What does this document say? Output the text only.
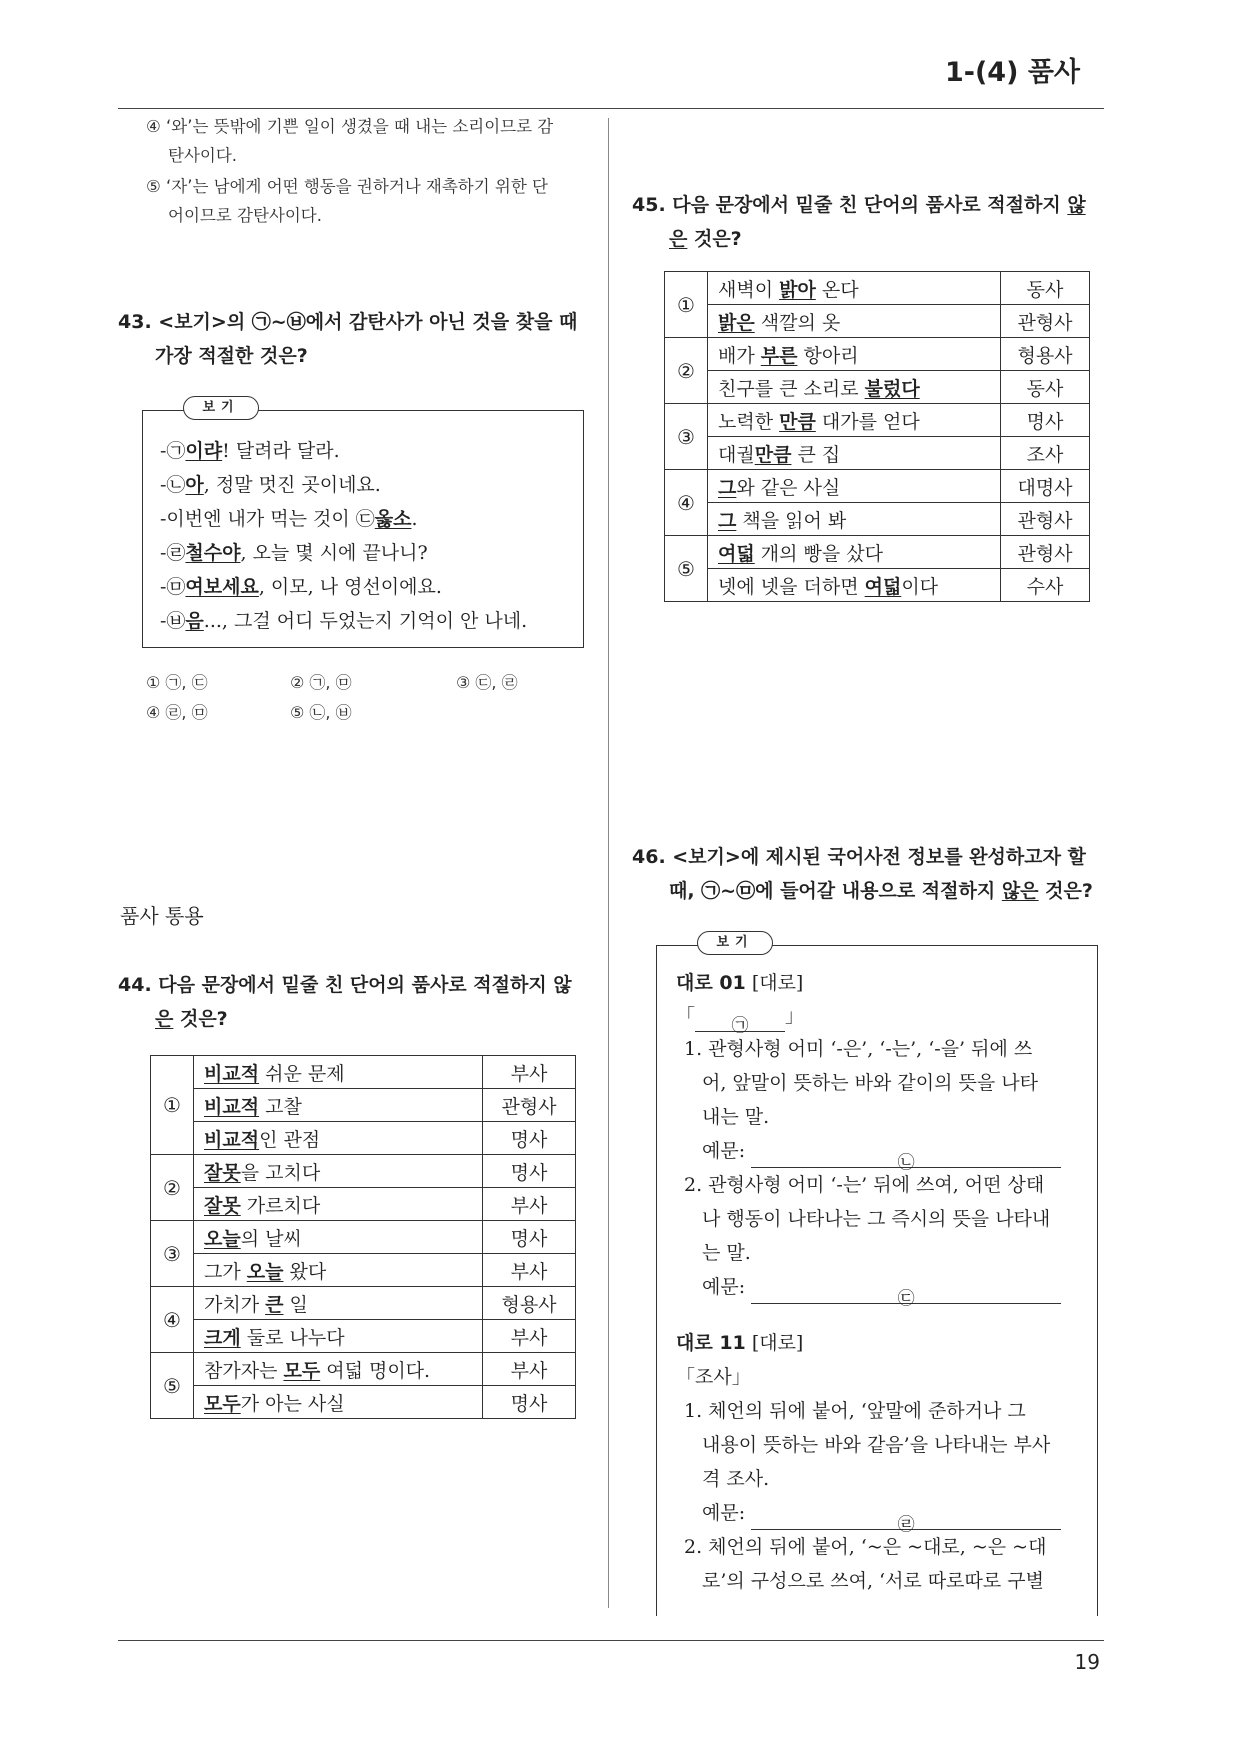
1-(4) 품사
④ ‘와’는 뜻밖에 기쁜 일이 생겼을 때 내는 소리이므로 감
탄사이다.
⑤ ‘자’는 남에게 어떤 행동을 권하거나 재촉하기 위한 단
어이므로 감탄사이다.
43. <보기>의 ㉠~㉥에서 감탄사가 아닌 것을 찾을 때
가장 적절한 것은?
보기
-㉠이랴! 달려라 달라.
-㉡아, 정말 멋진 곳이네요.
-이번엔 내가 먹는 것이 ㉢옳소.
-㉣철수야, 오늘 몇 시에 끝나니?
-㉤여보세요, 이모, 나 영선이에요.
-㉥음..., 그걸 어디 두었는지 기억이 안 나네.
① ㉠, ㉢	② ㉠, ㉤	③ ㉢, ㉣
④ ㉣, ㉤	⑤ ㉡, ㉥
품사 통용
44. 다음 문장에서 밑줄 친 단어의 품사로 적절하지 않
은 것은?
①	비교적 쉬운 문제	부사
	비교적 고찰	관형사
	비교적인 관점	명사
②	잘못을 고치다	명사
	잘못 가르치다	부사
③	오늘의 날씨	명사
	그가 오늘 왔다	부사
④	가치가 큰 일	형용사
	크게 둘로 나누다	부사
⑤	참가자는 모두 여덟 명이다.	부사
	모두가 아는 사실	명사
45. 다음 문장에서 밑줄 친 단어의 품사로 적절하지 않
은 것은?
①	새벽이 밝아 온다	동사
	밝은 색깔의 옷	관형사
②	배가 부른 항아리	형용사
	친구를 큰 소리로 불렀다	동사
③	노력한 만큼 대가를 얻다	명사
	대궐만큼 큰 집	조사
④	그와 같은 사실	대명사
	그 책을 읽어 봐	관형사
⑤	여덟 개의 빵을 샀다	관형사
	넷에 넷을 더하면 여덟이다	수사
46. <보기>에 제시된 국어사전 정보를 완성하고자 할
때, ㉠~㉤에 들어갈 내용으로 적절하지 않은 것은?
보기
대로 01 [대로]
「 ㉠ 」
1. 관형사형 어미 ‘-은’, ‘-는’, ‘-을’ 뒤에 쓰
어, 앞말이 뜻하는 바와 같이의 뜻을 나타
내는 말.
예문: ㉡
2. 관형사형 어미 ‘-는’ 뒤에 쓰여, 어떤 상태
나 행동이 나타나는 그 즉시의 뜻을 나타내
는 말.
예문: ㉢
대로 11 [대로]
「조사」
1. 체언의 뒤에 붙어, ‘앞말에 준하거나 그
내용이 뜻하는 바와 같음’을 나타내는 부사
격 조사.
예문: ㉣
2. 체언의 뒤에 붙어, ‘~은 ~대로, ~은 ~대
로’의 구성으로 쓰여, ‘서로 따로따로 구별
19
